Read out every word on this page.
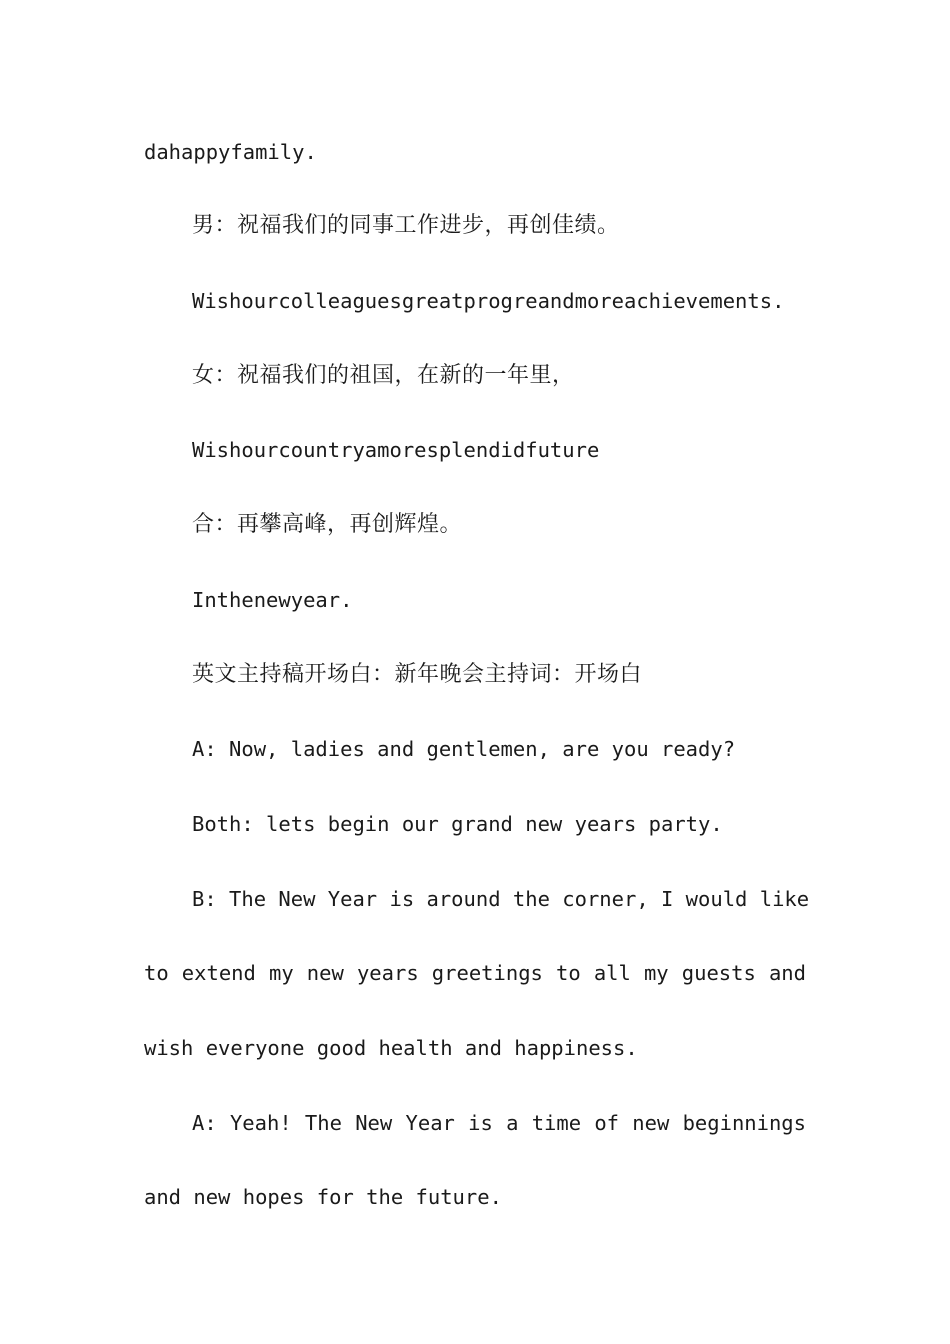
dahappyfamily.
男：祝福我们的同事工作进步，再创佳绩。
Wishourcolleaguesgreatprogreandmoreachievements.
女：祝福我们的祖国，在新的一年里，
Wishourcountryamoresplendidfuture
合：再攀高峰，再创辉煌。
Inthenewyear.
英文主持稿开场白：新年晚会主持词：开场白
A: Now, ladies and gentlemen, are you ready?
Both: lets begin our grand new years party.
B: The New Year is around the corner, I would like
to extend my new years greetings to all my guests and
wish everyone good health and happiness.
A: Yeah! The New Year is a time of new beginnings
and new hopes for the future.
